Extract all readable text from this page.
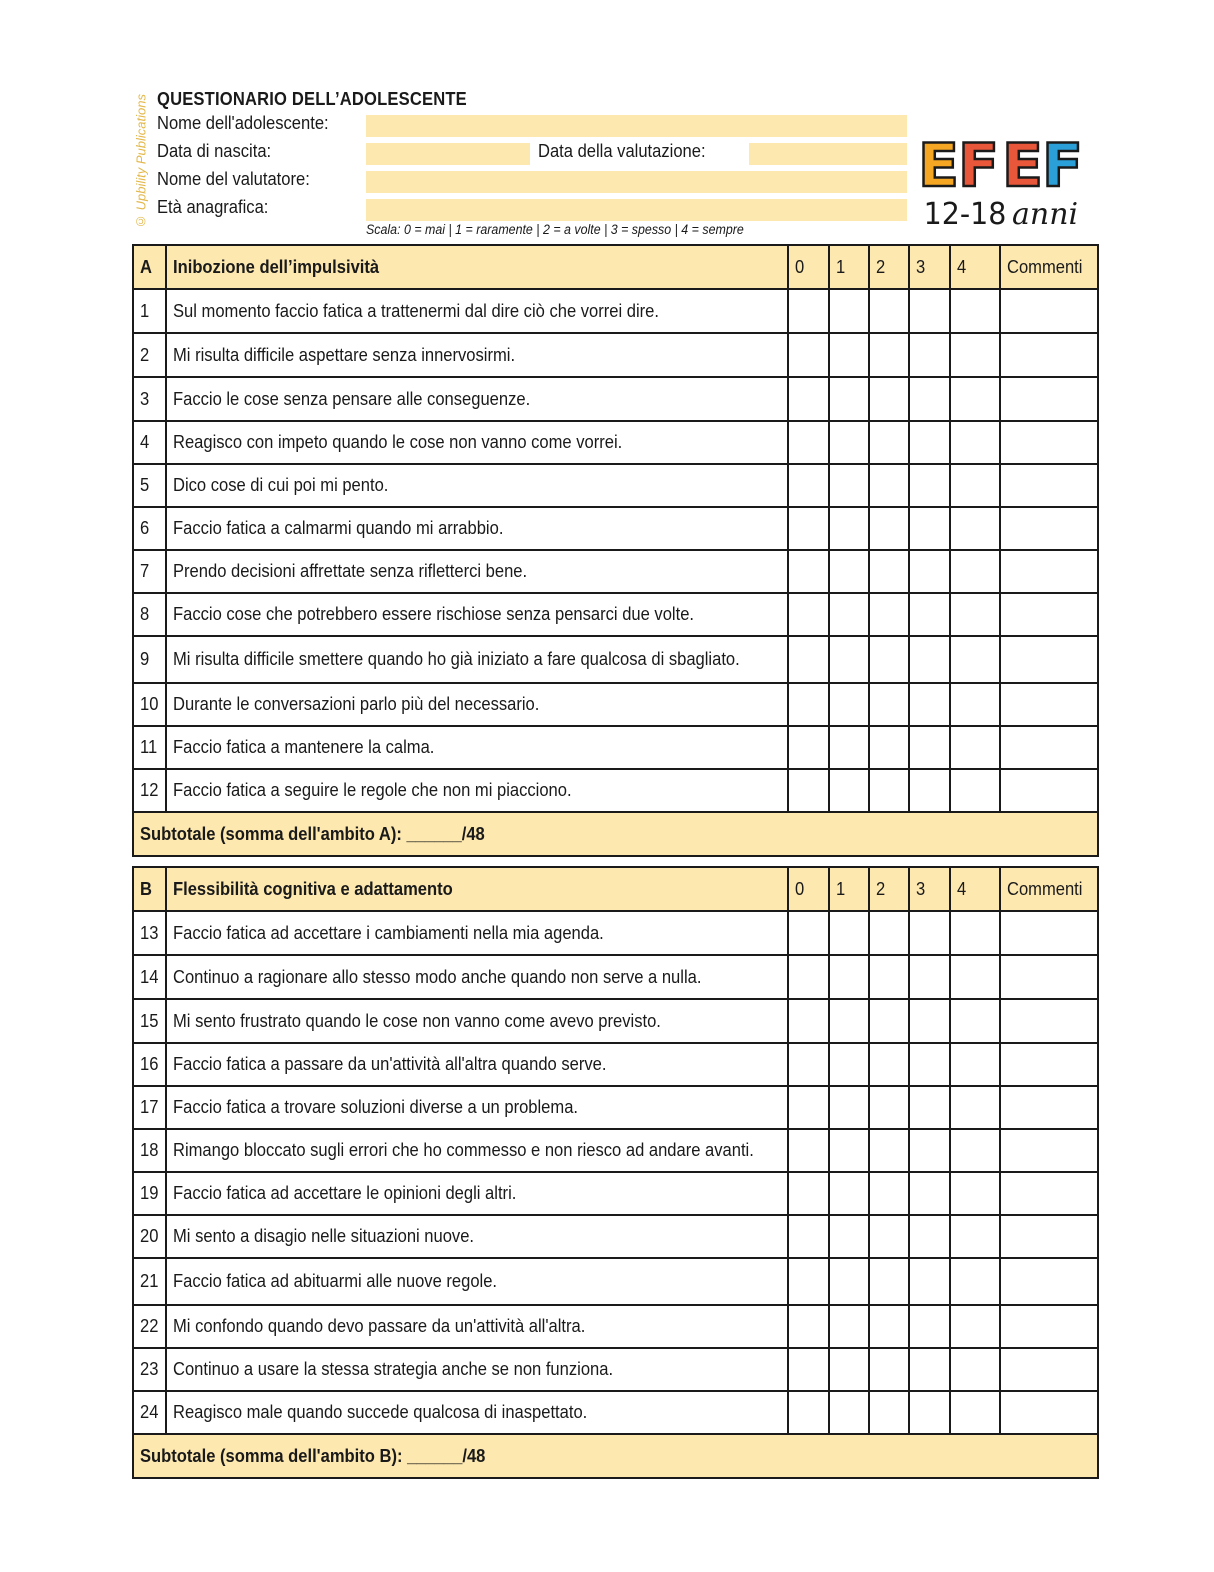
© Upbility Publications QUESTIONARIO DELL’ADOLESCENTE
Nome dell'adolescente:
Data di nascita:	Data della valutazione:
Nome del valutatore:
Età anagrafica:
Scala: 0 = mai | 1 = raramente | 2 = a volte | 3 = spesso | 4 = sempre
E F E F
12-18 anni
A	Inibozione dell’impulsività	0	1	2	3	4	Commenti
1	Sul momento faccio fatica a trattenermi dal dire ciò che vorrei dire.						
2	Mi risulta difficile aspettare senza innervosirmi.						
3	Faccio le cose senza pensare alle conseguenze.						
4	Reagisco con impeto quando le cose non vanno come vorrei.						
5	Dico cose di cui poi mi pento.						
6	Faccio fatica a calmarmi quando mi arrabbio.						
7	Prendo decisioni affrettate senza rifletterci bene.						
8	Faccio cose che potrebbero essere rischiose senza pensarci due volte.						
9	Mi risulta difficile smettere quando ho già iniziato a fare qualcosa di sbagliato.						
10	Durante le conversazioni parlo più del necessario.						
11	Faccio fatica a mantenere la calma.						
12	Faccio fatica a seguire le regole che non mi piacciono.						
Subtotale (somma dell'ambito A): ______/48							
B	Flessibilità cognitiva e adattamento	0	1	2	3	4	Commenti
13	Faccio fatica ad accettare i cambiamenti nella mia agenda.						
14	Continuo a ragionare allo stesso modo anche quando non serve a nulla.						
15	Mi sento frustrato quando le cose non vanno come avevo previsto.						
16	Faccio fatica a passare da un'attività all'altra quando serve.						
17	Faccio fatica a trovare soluzioni diverse a un problema.						
18	Rimango bloccato sugli errori che ho commesso e non riesco ad andare avanti.						
19	Faccio fatica ad accettare le opinioni degli altri.						
20	Mi sento a disagio nelle situazioni nuove.						
21	Faccio fatica ad abituarmi alle nuove regole.						
22	Mi confondo quando devo passare da un'attività all'altra.						
23	Continuo a usare la stessa strategia anche se non funziona.						
24	Reagisco male quando succede qualcosa di inaspettato.						
Subtotale (somma dell'ambito B): ______/48							
